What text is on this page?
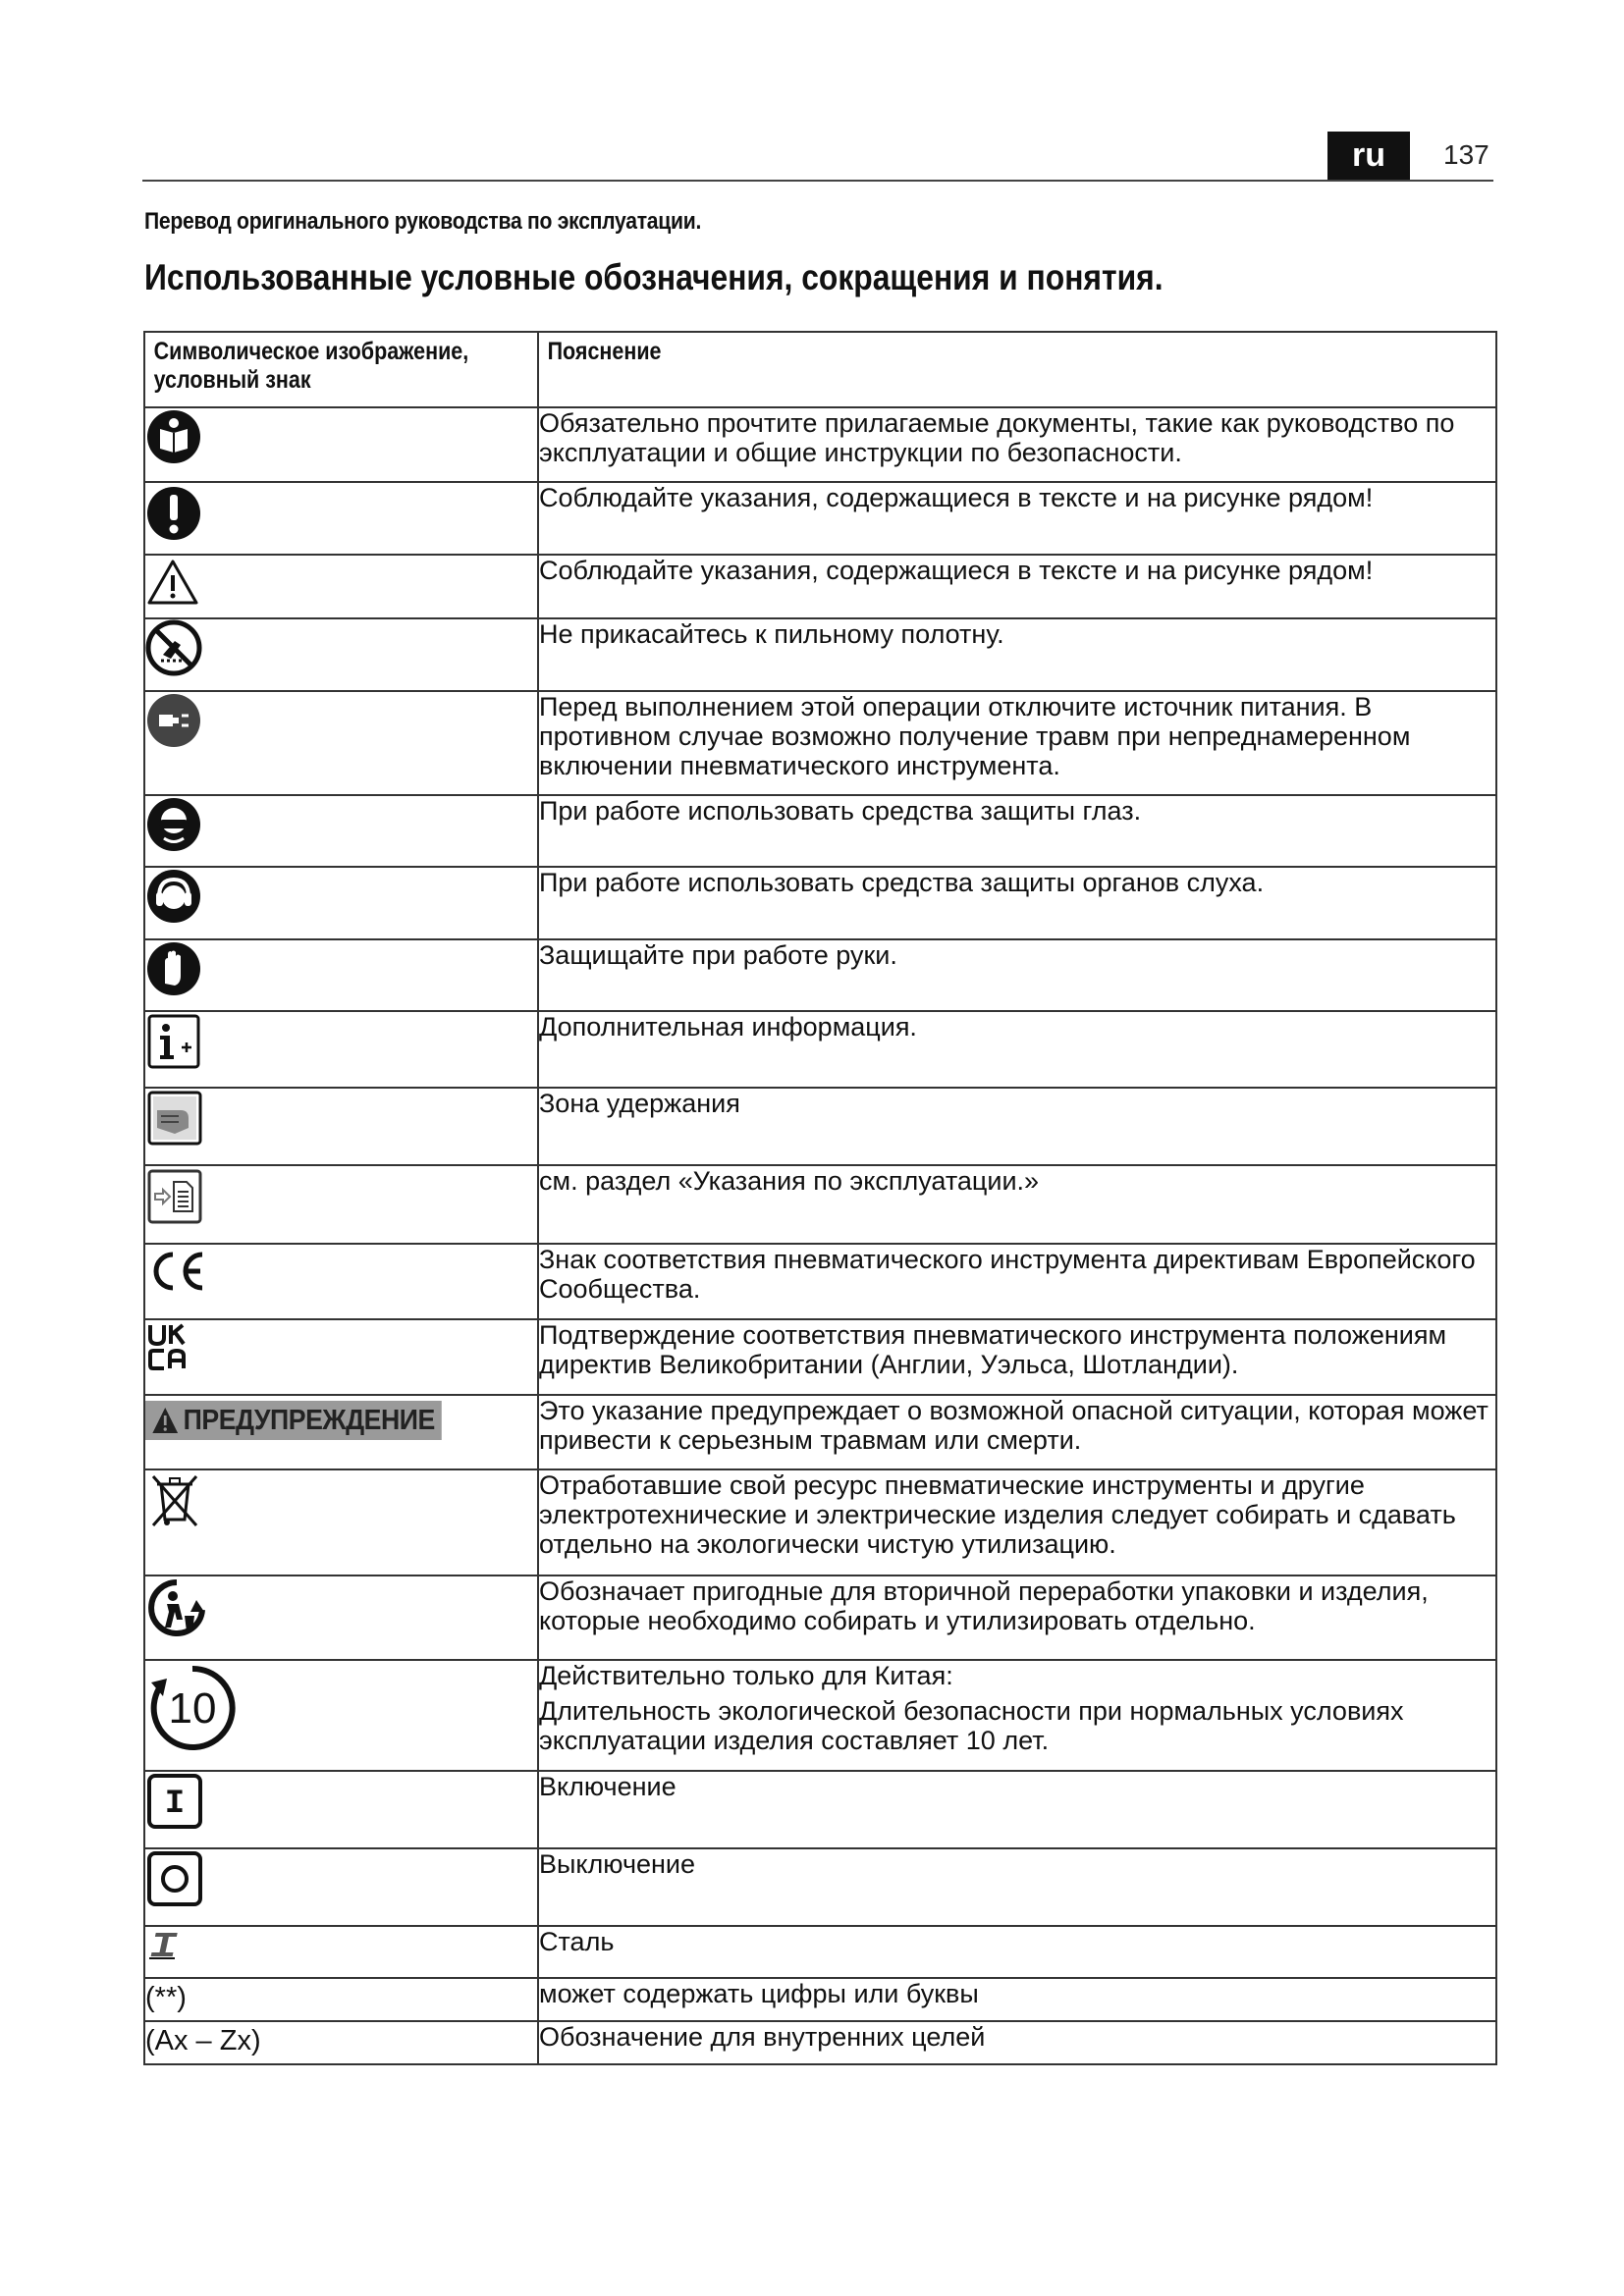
ru	137
Перевод оригинального руководства по эксплуатации.
Использованные условные обозначения, сокращения и понятия.
Символическое изображение, условный знак	Пояснение

	Обязательно прочтите прилагаемые документы, такие как руководство по эксплуатации и общие инструкции по безопасности.

	Соблюдайте указания, содержащиеся в тексте и на рисунке рядом!

	Соблюдайте указания, содержащиеся в тексте и на рисунке рядом!

	Не прикасайтесь к пильному полотну.

	Перед выполнением этой операции отключите источник питания. В противном случае возможно получение травм при непреднамеренном включении пневматического инструмента.

	При работе использовать средства защиты глаз.

	При работе использовать средства защиты органов слуха.

	Защищайте при работе руки.

	Дополнительная информация.

	Зона удержания

	см. раздел «Указания по эксплуатации.»

	Знак соответствия пневматического инструмента директивам Европейского Сообщества.

	Подтверждение соответствия пневматического инструмента положениям директив Великобритании (Англии, Уэльса, Шотландии).

ПРЕДУПРЕЖДЕНИЕ	Это указание предупреждает о возможной опасной ситуации, которая может привести к серьезным травмам или смерти.

	Отработавшие свой ресурс пневматические инструменты и другие электротехнические и электрические изделия следует собирать и сдавать отдельно на экологически чистую утилизацию.

	Обозначает пригодные для вторичной переработки упаковки и изделия, которые необходимо собирать и утилизировать отдельно.

10	Действительно только для Китая:
Длительность экологической безопасности при нормальных условиях эксплуатации изделия составляет 10 лет.

I	Включение

O	Выключение

	Сталь

(**)	может содержать цифры или буквы

(Ax – Zx)	Обозначение для внутренних целей
